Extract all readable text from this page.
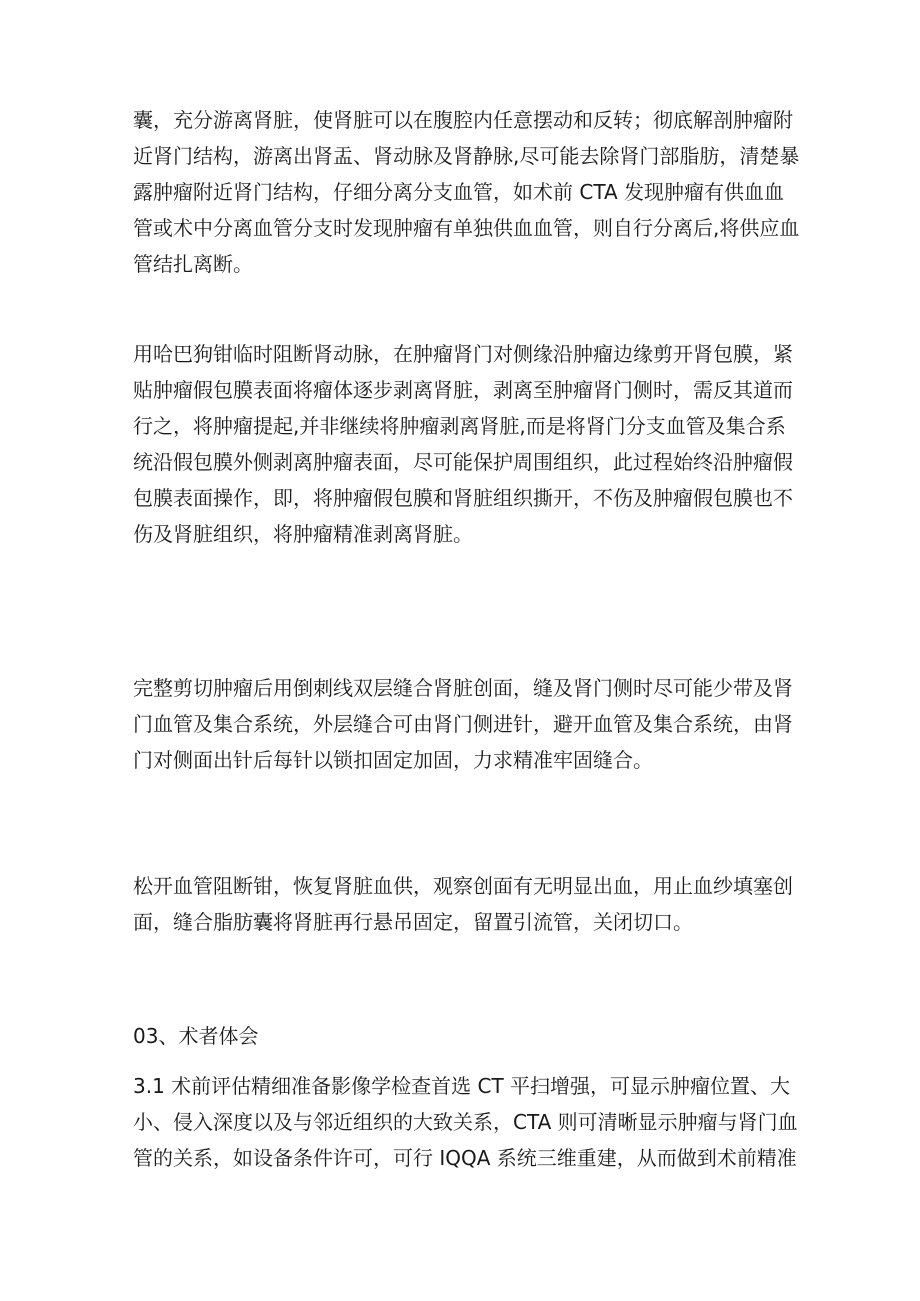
囊，充分游离肾脏，使肾脏可以在腹腔内任意摆动和反转；彻底解剖肿瘤附
近肾门结构，游离出肾盂、肾动脉及肾静脉,尽可能去除肾门部脂肪，清楚暴
露肿瘤附近肾门结构，仔细分离分支血管，如术前 CTA 发现肿瘤有供血血
管或术中分离血管分支时发现肿瘤有单独供血血管，则自行分离后,将供应血
管结扎离断。
用哈巴狗钳临时阻断肾动脉，在肿瘤肾门对侧缘沿肿瘤边缘剪开肾包膜，紧
贴肿瘤假包膜表面将瘤体逐步剥离肾脏，剥离至肿瘤肾门侧时，需反其道而
行之，将肿瘤提起,并非继续将肿瘤剥离肾脏,而是将肾门分支血管及集合系
统沿假包膜外侧剥离肿瘤表面，尽可能保护周围组织，此过程始终沿肿瘤假
包膜表面操作，即，将肿瘤假包膜和肾脏组织撕开，不伤及肿瘤假包膜也不
伤及肾脏组织，将肿瘤精准剥离肾脏。
完整剪切肿瘤后用倒刺线双层缝合肾脏创面，缝及肾门侧时尽可能少带及肾
门血管及集合系统，外层缝合可由肾门侧进针，避开血管及集合系统，由肾
门对侧面出针后每针以锁扣固定加固，力求精准牢固缝合。
松开血管阻断钳，恢复肾脏血供，观察创面有无明显出血，用止血纱填塞创
面，缝合脂肪囊将肾脏再行悬吊固定，留置引流管，关闭切口。
03、术者体会
3.1 术前评估精细准备影像学检查首选 CT 平扫增强，可显示肿瘤位置、大
小、侵入深度以及与邻近组织的大致关系，CTA 则可清晰显示肿瘤与肾门血
管的关系，如设备条件许可，可行 IQQA 系统三维重建，从而做到术前精准
